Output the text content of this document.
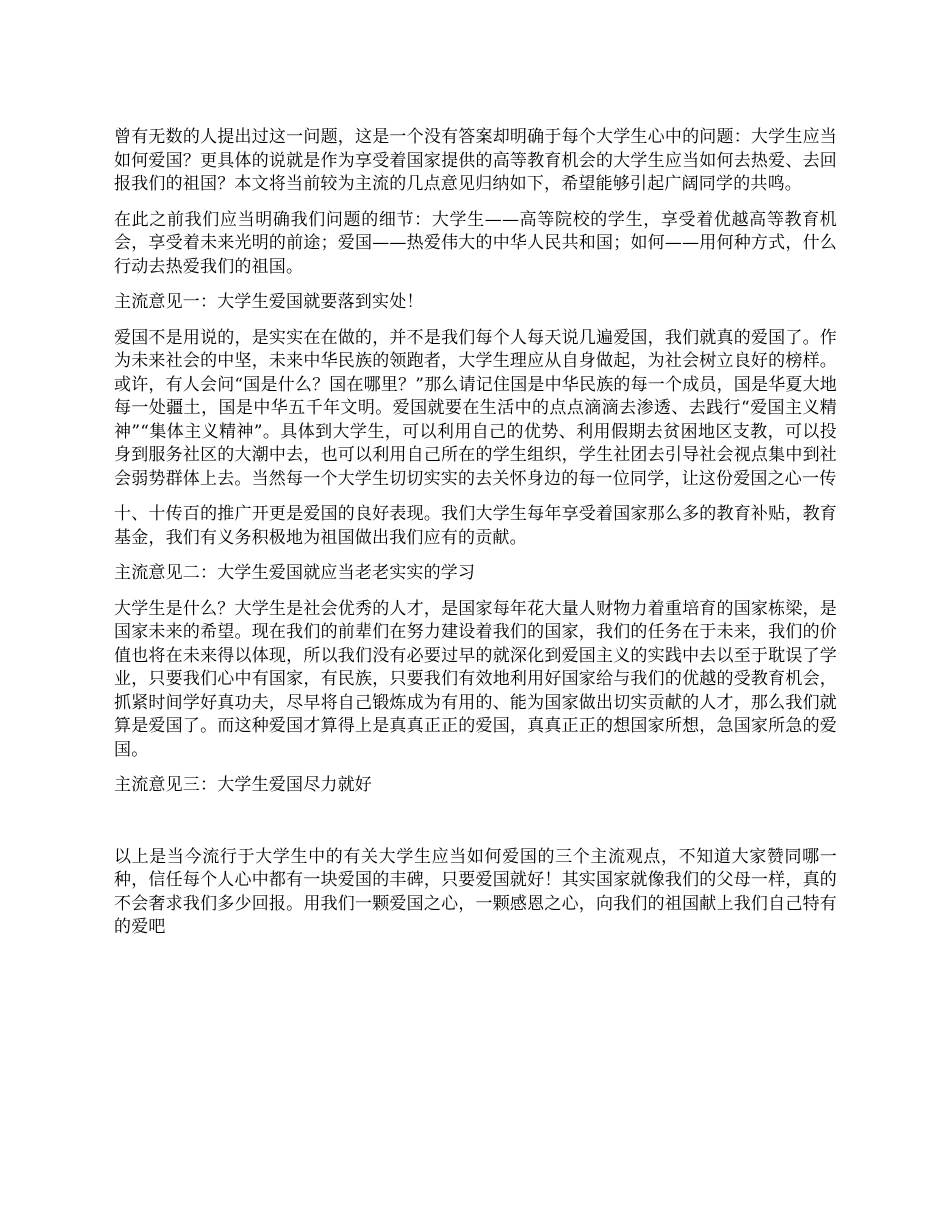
曾有无数的人提出过这一问题，这是一个没有答案却明确于每个大学生心中的问题：大学生应当如何爱国？更具体的说就是作为享受着国家提供的高等教育机会的大学生应当如何去热爱、去回报我们的祖国？本文将当前较为主流的几点意见归纳如下，希望能够引起广阔同学的共鸣。

在此之前我们应当明确我们问题的细节：大学生——高等院校的学生，享受着优越高等教育机会，享受着未来光明的前途；爱国——热爱伟大的中华人民共和国；如何——用何种方式，什么行动去热爱我们的祖国。

主流意见一：大学生爱国就要落到实处！

爱国不是用说的，是实实在在做的，并不是我们每个人每天说几遍爱国，我们就真的爱国了。作为未来社会的中坚，未来中华民族的领跑者，大学生理应从自身做起，为社会树立良好的榜样。或许，有人会问“国是什么？国在哪里？”那么请记住国是中华民族的每一个成员，国是华夏大地每一处疆土，国是中华五千年文明。爱国就要在生活中的点点滴滴去渗透、去践行“爱国主义精神”“集体主义精神”。具体到大学生，可以利用自己的优势、利用假期去贫困地区支教，可以投身到服务社区的大潮中去，也可以利用自己所在的学生组织，学生社团去引导社会视点集中到社会弱势群体上去。当然每一个大学生切切实实的去关怀身边的每一位同学，让这份爱国之心一传

十、十传百的推广开更是爱国的良好表现。我们大学生每年享受着国家那么多的教育补贴，教育基金，我们有义务积极地为祖国做出我们应有的贡献。

主流意见二：大学生爱国就应当老老实实的学习

大学生是什么？大学生是社会优秀的人才，是国家每年花大量人财物力着重培育的国家栋梁，是国家未来的希望。现在我们的前辈们在努力建设着我们的国家，我们的任务在于未来，我们的价值也将在未来得以体现，所以我们没有必要过早的就深化到爱国主义的实践中去以至于耽误了学业，只要我们心中有国家，有民族，只要我们有效地利用好国家给与我们的优越的受教育机会，抓紧时间学好真功夫，尽早将自己锻炼成为有用的、能为国家做出切实贡献的人才，那么我们就算是爱国了。而这种爱国才算得上是真真正正的爱国，真真正正的想国家所想，急国家所急的爱国。

主流意见三：大学生爱国尽力就好

以上是当今流行于大学生中的有关大学生应当如何爱国的三个主流观点，不知道大家赞同哪一种，信任每个人心中都有一块爱国的丰碑，只要爱国就好！其实国家就像我们的父母一样，真的不会奢求我们多少回报。用我们一颗爱国之心，一颗感恩之心，向我们的祖国献上我们自己特有的爱吧
